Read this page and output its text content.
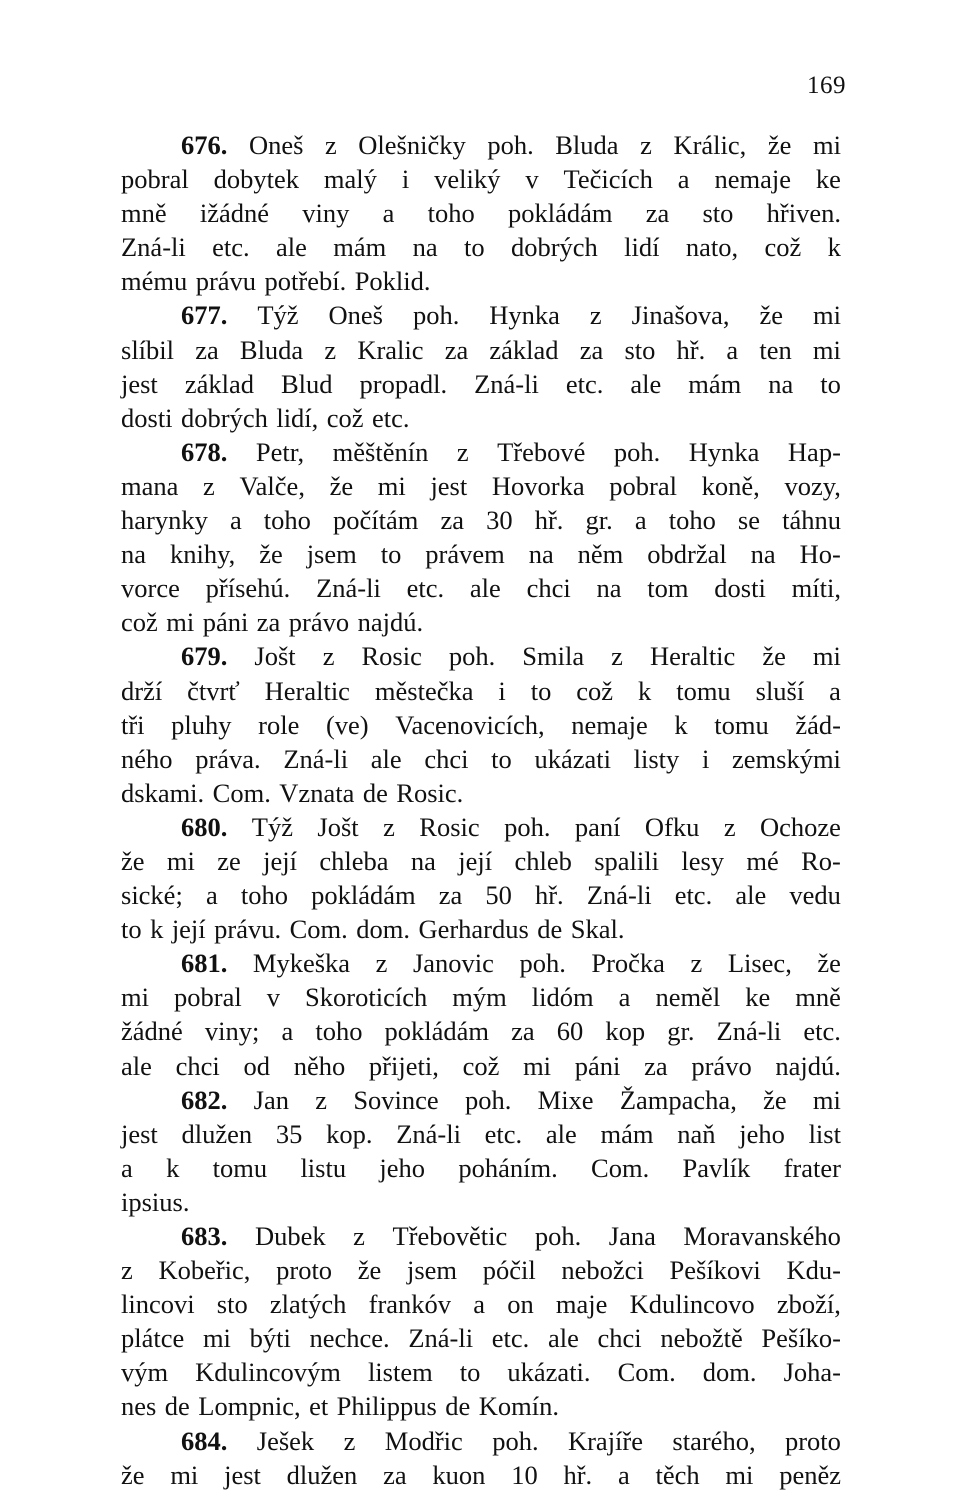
169
676. Oneš z Olešničky poh. Bluda z Králic, že mi
pobral dobytek malý i veliký v Tečicích a nemaje ke
mně ižádné viny a toho pokládám za sto hřiven.
Zná-li etc. ale mám na to dobrých lidí nato, což k
mému právu potřebí. Poklid.
677. Týž Oneš poh. Hynka z Jinašova, že mi
slíbil za Bluda z Kralic za základ za sto hř. a ten mi
jest základ Blud propadl. Zná-li etc. ale mám na to
dosti dobrých lidí, což etc.
678. Petr, měštěnín z Třebové poh. Hynka Hap-
mana z Valče, že mi jest Hovorka pobral koně, vozy,
harynky a toho počítám za 30 hř. gr. a toho se táhnu
na knihy, že jsem to právem na něm obdržal na Ho-
vorce přísehú. Zná-li etc. ale chci na tom dosti míti,
což mi páni za právo najdú.
679. Jošt z Rosic poh. Smila z Heraltic že mi
drží čtvrť Heraltic městečka i to což k tomu sluší a
tři pluhy role (ve) Vacenovicích, nemaje k tomu žád-
ného práva. Zná-li ale chci to ukázati listy i zemskými
dskami. Com. Vznata de Rosic.
680. Týž Jošt z Rosic poh. paní Ofku z Ochoze
že mi ze její chleba na její chleb spalili lesy mé Ro-
sické; a toho pokládám za 50 hř. Zná-li etc. ale vedu
to k její právu. Com. dom. Gerhardus de Skal.
681. Mykeška z Janovic poh. Pročka z Lisec, že
mi pobral v Skoroticích mým lidóm a neměl ke mně
žádné viny; a toho pokládám za 60 kop gr. Zná-li etc.
ale chci od něho přijeti, což mi páni za právo najdú.
682. Jan z Sovince poh. Mixe Žampacha, že mi
jest dlužen 35 kop. Zná-li etc. ale mám naň jeho list
a k tomu listu jeho poháním. Com. Pavlík frater
ipsius.
683. Dubek z Třebovětic poh. Jana Moravanského
z Kobeřic, proto že jsem póčil nebožci Pešíkovi Kdu-
lincovi sto zlatých frankóv a on maje Kdulincovo zboží,
plátce mi býti nechce. Zná-li etc. ale chci nebožtě Pešíko-
vým Kdulincovým listem to ukázati. Com. dom. Joha-
nes de Lompnic, et Philippus de Komín.
684. Ješek z Modřic poh. Krajíře starého, proto
že mi jest dlužen za kuon 10 hř. a těch mi peněz
